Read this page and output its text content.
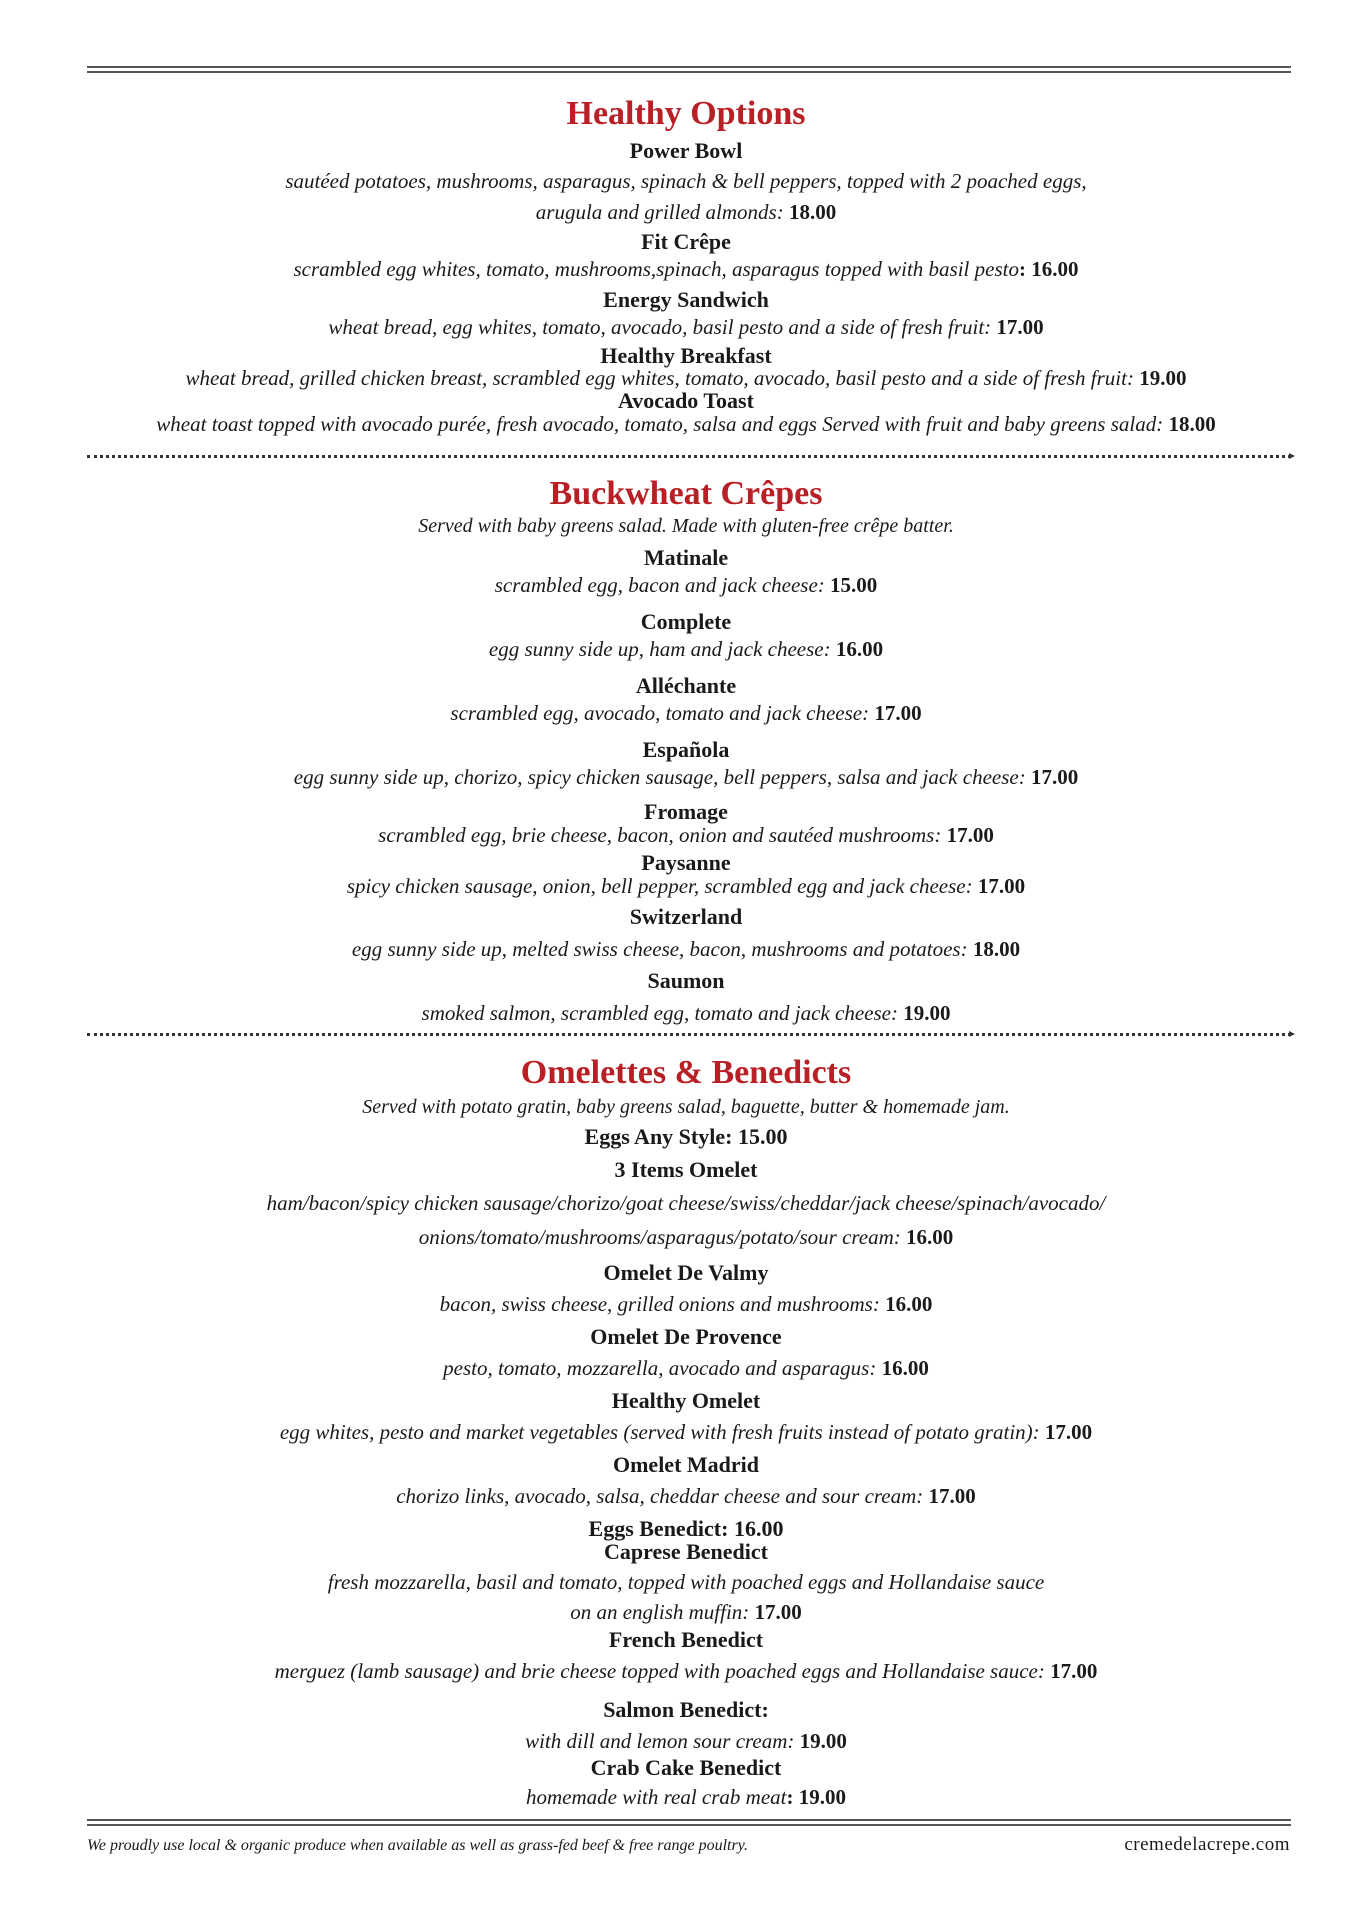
Healthy Options
Power Bowl
sautéed potatoes, mushrooms, asparagus, spinach & bell peppers, topped with 2 poached eggs,
arugula and grilled almonds: 18.00
Fit Crêpe
scrambled egg whites, tomato, mushrooms,spinach, asparagus topped with basil pesto: 16.00
Energy Sandwich
wheat bread, egg whites, tomato, avocado, basil pesto and a side of fresh fruit: 17.00
Healthy Breakfast
wheat bread, grilled chicken breast, scrambled egg whites, tomato, avocado, basil pesto and a side of fresh fruit: 19.00
Avocado Toast
wheat toast topped with avocado purée, fresh avocado, tomato, salsa and eggs Served with fruit and baby greens salad: 18.00
Buckwheat Crêpes

Served with baby greens salad. Made with gluten-free crêpe batter.

Matinale
scrambled egg, bacon and jack cheese: 15.00
Complete
egg sunny side up, ham and jack cheese: 16.00
Alléchante
scrambled egg, avocado, tomato and jack cheese: 17.00
Española
egg sunny side up, chorizo, spicy chicken sausage, bell peppers, salsa and jack cheese: 17.00
Fromage
scrambled egg, brie cheese, bacon, onion and sautéed mushrooms: 17.00
Paysanne
spicy chicken sausage, onion, bell pepper, scrambled egg and jack cheese: 17.00
Switzerland
egg sunny side up, melted swiss cheese, bacon, mushrooms and potatoes: 18.00
Saumon
smoked salmon, scrambled egg, tomato and jack cheese: 19.00
Omelettes & Benedicts

Served with potato gratin, baby greens salad, baguette, butter & homemade jam.

Eggs Any Style: 15.00
3 Items Omelet
ham/bacon/spicy chicken sausage/chorizo/goat cheese/swiss/cheddar/jack cheese/spinach/avocado/
onions/tomato/mushrooms/asparagus/potato/sour cream: 16.00
Omelet De Valmy
bacon, swiss cheese, grilled onions and mushrooms: 16.00
Omelet De Provence
pesto, tomato, mozzarella, avocado and asparagus: 16.00
Healthy Omelet
egg whites, pesto and market vegetables (served with fresh fruits instead of potato gratin): 17.00
Omelet Madrid
chorizo links, avocado, salsa, cheddar cheese and sour cream: 17.00
Eggs Benedict: 16.00
Caprese Benedict
fresh mozzarella, basil and tomato, topped with poached eggs and Hollandaise sauce
on an english muffin: 17.00
French Benedict
merguez (lamb sausage) and brie cheese topped with poached eggs and Hollandaise sauce: 17.00
Salmon Benedict:
with dill and lemon sour cream: 19.00
Crab Cake Benedict
homemade with real crab meat: 19.00
We proudly use local & organic produce when available as well as grass-fed beef & free range poultry.	cremedelacrepe.com
